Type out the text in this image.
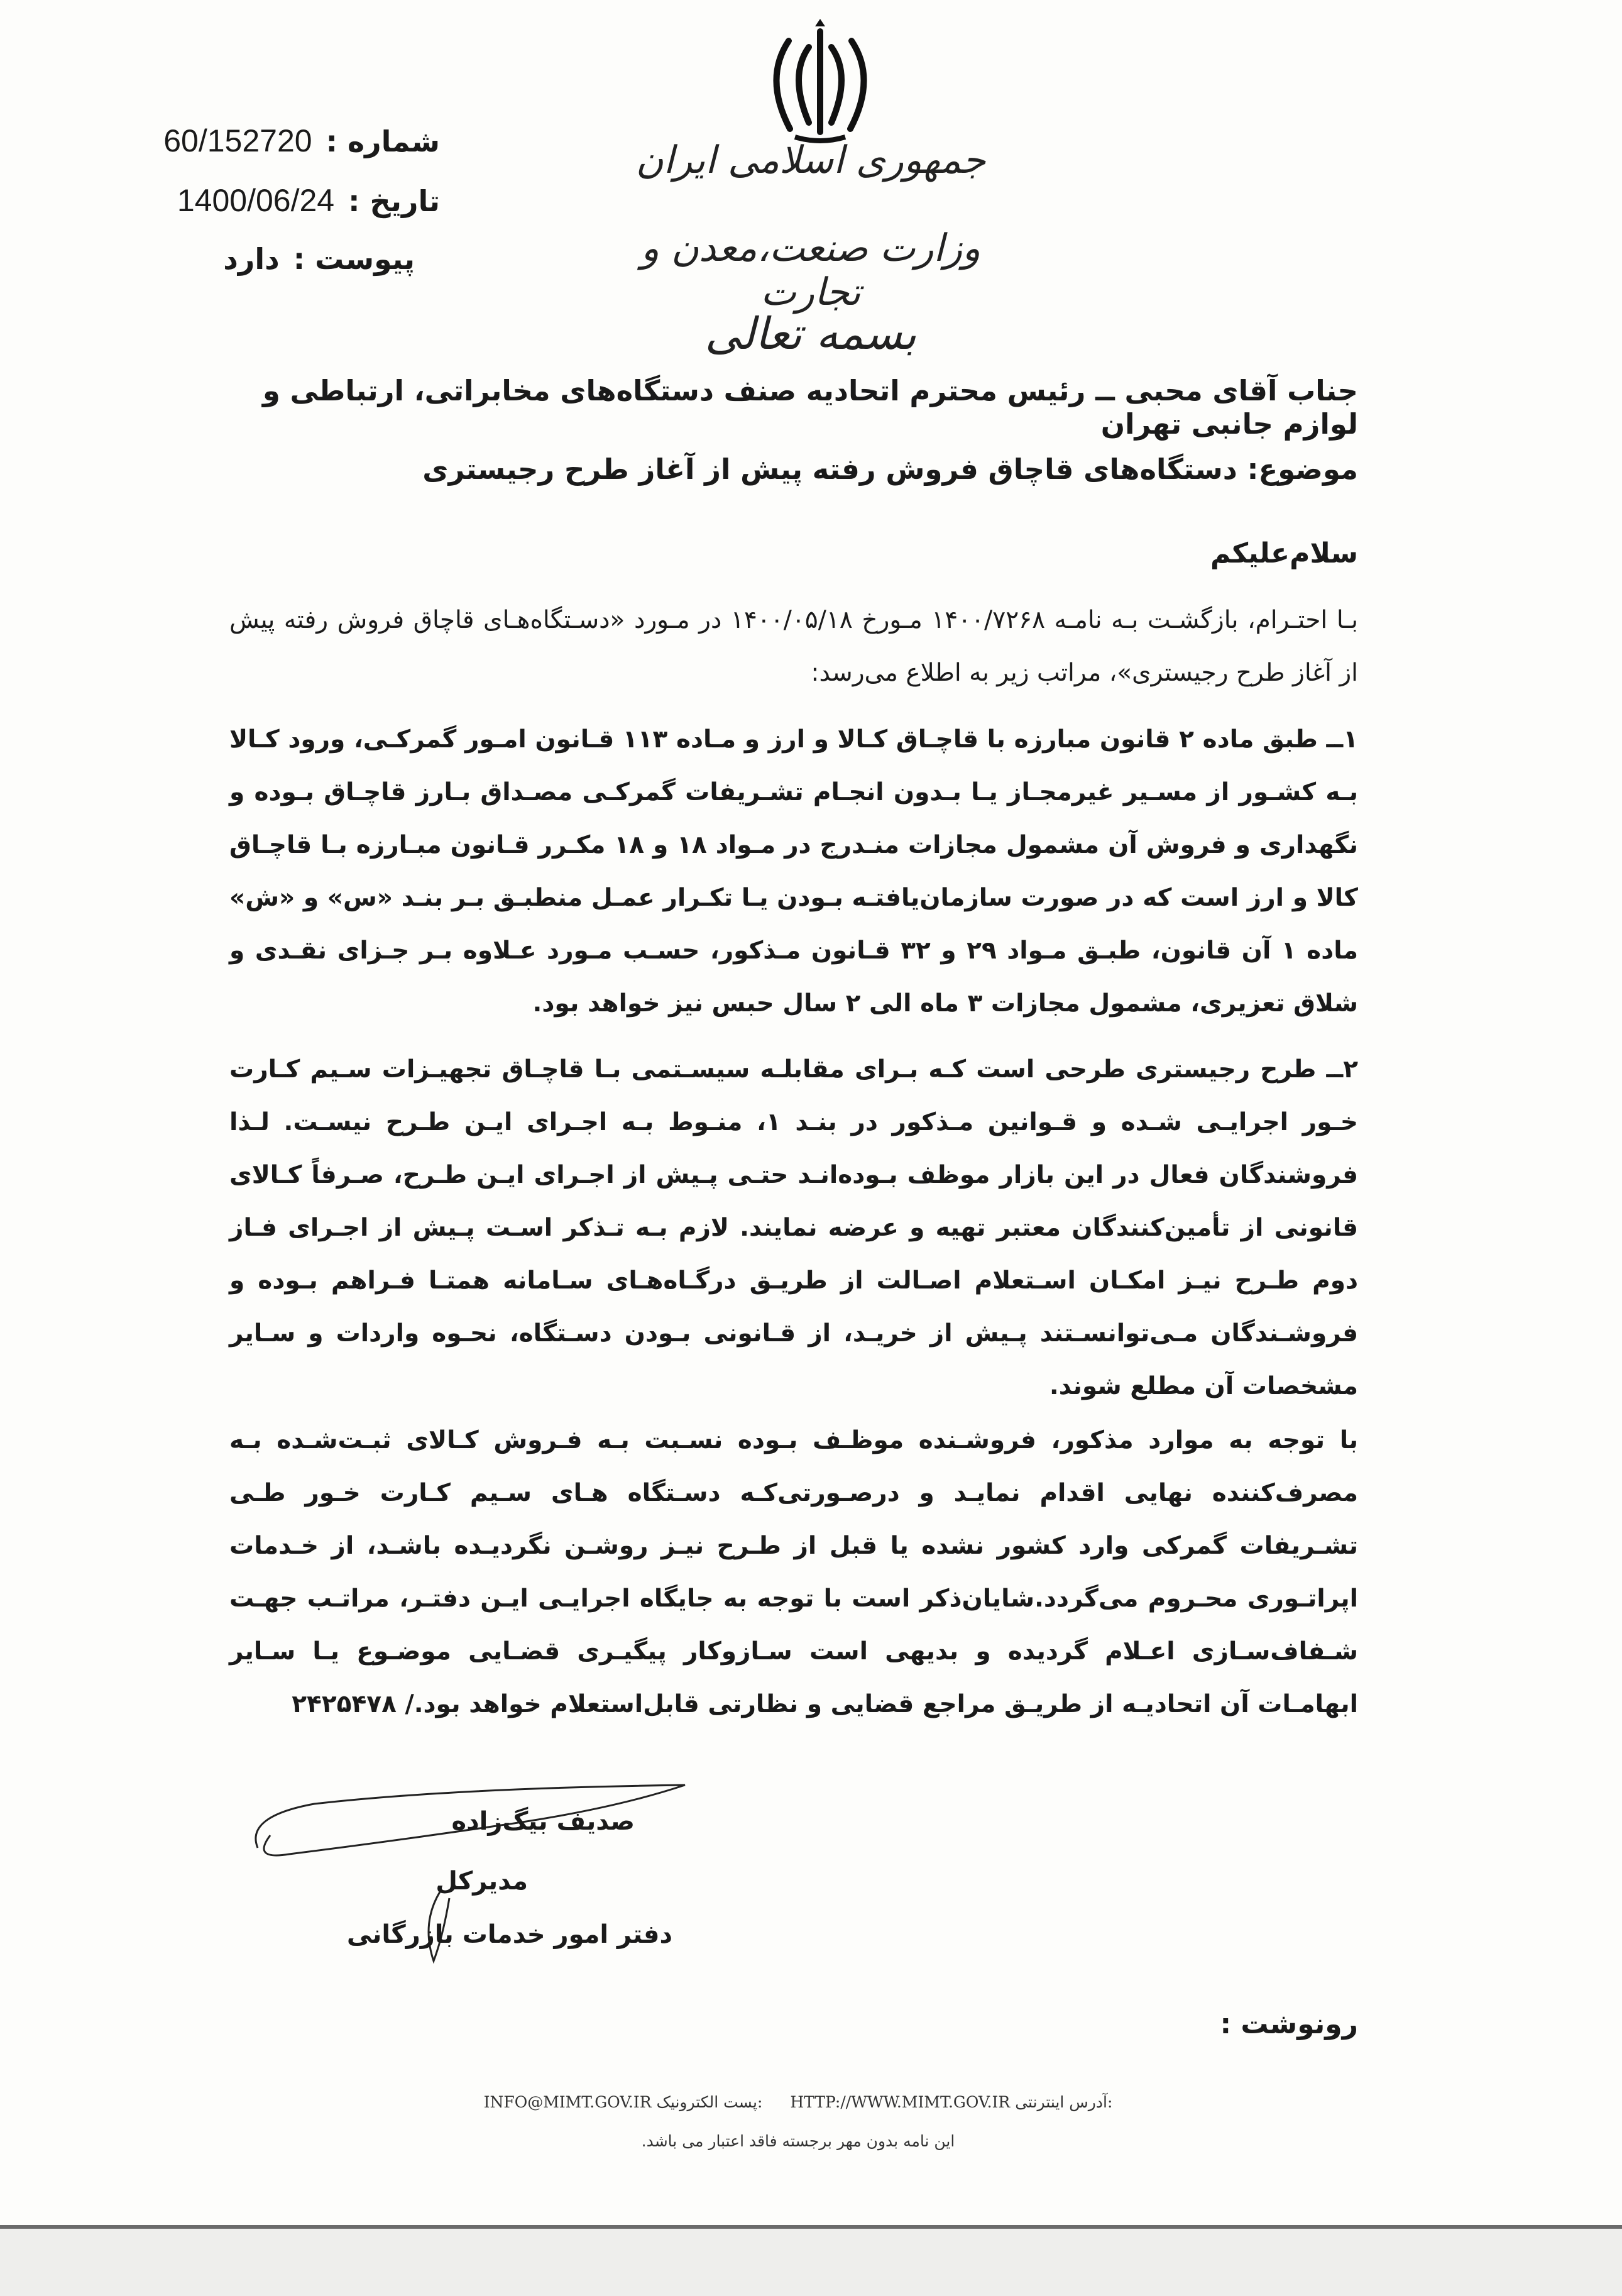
جمهوری اسلامی ایران
وزارت صنعت،معدن و تجارت
بسمه تعالی
60/152720 شماره :
1400/06/24 تاریخ :
دارد پیوست :
جناب آقای محبی ــ رئیس محترم اتحادیه صنف دستگاه‌های مخابراتی، ارتباطی و لوازم جانبی تهران
موضوع: دستگاه‌های قاچاق فروش رفته پیش از آغاز طرح رجیستری
سلام‌علیکم
بـا احتـرام، بازگشـت بـه نامـه ۱۴۰۰/۷۲۶۸ مـورخ ۱۴۰۰/۰۵/۱۸ در مـورد «دسـتگاه‌هـای قاچاق فروش رفته پیش از آغاز طرح رجیستری»، مراتب زیر به اطلاع می‌رسد:
۱ــ طبق ماده ۲ قانون مبارزه با قاچـاق کـالا و ارز و مـاده ۱۱۳ قـانون امـور گمرکـی، ورود کـالا بـه کشـور از مسـیر غیرمجـاز یـا بـدون انجـام تشـریفات گمرکـی مصـداق بـارز قاچـاق بـوده و نگهداری و فروش آن مشمول مجازات منـدرج در مـواد ۱۸ و ۱۸ مکـرر قـانون مبـارزه بـا قاچـاق کالا و ارز است که در صورت سازمان‌یافتـه بـودن یـا تکـرار عمـل منطبـق بـر بنـد «س» و «ش» ماده ۱ آن قانون، طبـق مـواد ۲۹ و ۳۲ قـانون مـذکور، حسـب مـورد عـلاوه بـر جـزای نقـدی و شلاق تعزیری، مشمول مجازات ۳ ماه الی ۲ سال حبس نیز خواهد بود.
۲ــ طرح رجیستری طرحی است کـه بـرای مقابلـه سیسـتمی بـا قاچـاق تجهیـزات سـیم کـارت خـور اجرایـی شـده و قـوانین مـذکور در بنـد ۱، منـوط بـه اجـرای ایـن طـرح نیسـت. لـذا فروشندگان فعال در این بازار موظف بـوده‌انـد حتـی پـیش از اجـرای ایـن طـرح، صـرفاً کـالای قانونی از تأمین‌کنندگان معتبر تهیه و عرضه نمایند. لازم بـه تـذکر اسـت پـیش از اجـرای فـاز دوم طـرح نیـز امکـان اسـتعلام اصـالت از طریـق درگـاه‌هـای سـامانه همتـا فـراهم بـوده و فروشـندگان مـی‌توانسـتند پـیش از خریـد، از قـانونی بـودن دسـتگاه، نحـوه واردات و سـایر مشخصات آن مطلع شوند.
با توجه به موارد مذکور، فروشـنده موظـف بـوده نسـبت بـه فـروش کـالای ثبـت‌شـده بـه مصرف‌کننده نهایی اقدام نمایـد و درصـورتی‌کـه دسـتگاه هـای سـیم کـارت خـور طـی تشـریفات گمرکی وارد کشور نشده یا قبل از طـرح نیـز روشـن نگردیـده باشـد، از خـدمات اپراتـوری محـروم می‌گردد.شایان‌ذکر است با توجه به جایگاه اجرایـی ایـن دفتـر، مراتـب جهـت شـفاف‌سـازی اعـلام گردیده و بدیهی است سـازوکار پیگیـری قضـایی موضـوع یـا سـایر ابهامـات آن اتحادیـه از طریـق مراجع قضایی و نظارتی قابل‌استعلام خواهد بود./ ۲۴۲۵۴۷۸
صدیف بیگ‌زاده
مدیرکل
دفتر امور خدمات بازرگانی
رونوشت :
INFO@MIMT.GOV.IR پست الکترونیک: HTTP://WWW.MIMT.GOV.IR آدرس اینترنتی:
این نامه بدون مهر برجسته فاقد اعتبار می باشد.
